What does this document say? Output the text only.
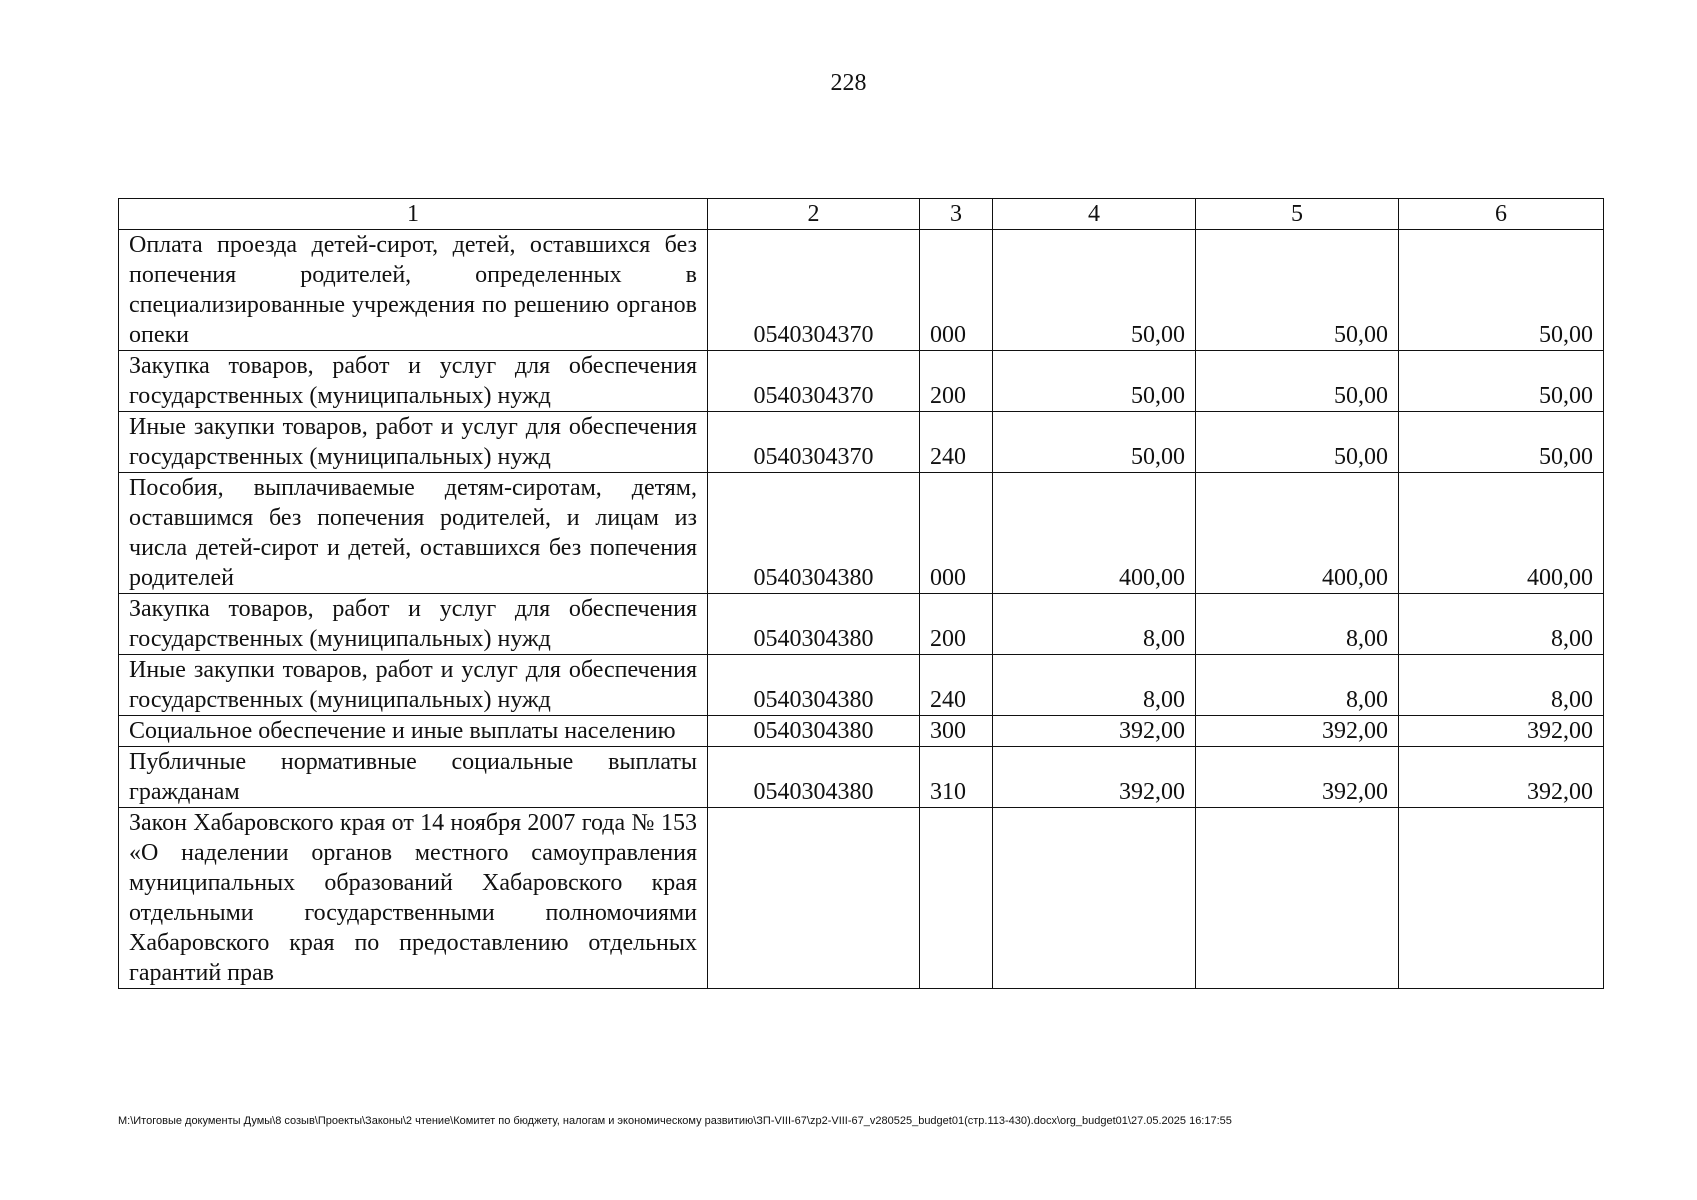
228
1	2	3	4	5	6
Оплата проезда детей-сирот, детей, оставшихся без попечения родителей, определенных в специализированные учреждения по решению органов опеки	0540304370	000	50,00	50,00	50,00
Закупка товаров, работ и услуг для обеспечения государственных (муниципальных) нужд	0540304370	200	50,00	50,00	50,00
Иные закупки товаров, работ и услуг для обеспечения государственных (муниципальных) нужд	0540304370	240	50,00	50,00	50,00
Пособия, выплачиваемые детям-сиротам, детям, оставшимся без попечения родителей, и лицам из числа детей-сирот и детей, оставшихся без попечения родителей	0540304380	000	400,00	400,00	400,00
Закупка товаров, работ и услуг для обеспечения государственных (муниципальных) нужд	0540304380	200	8,00	8,00	8,00
Иные закупки товаров, работ и услуг для обеспечения государственных (муниципальных) нужд	0540304380	240	8,00	8,00	8,00
Социальное обеспечение и иные выплаты населению	0540304380	300	392,00	392,00	392,00
Публичные нормативные социальные выплаты гражданам	0540304380	310	392,00	392,00	392,00
Закон Хабаровского края от 14 ноября 2007 года № 153 «О наделении органов местного самоуправления муниципальных образований Хабаровского края отдельными государственными полномочиями Хабаровского края по предоставлению отдельных гарантий прав					
M:\Итоговые документы Думы\8 созыв\Проекты\Законы\2 чтение\Комитет по бюджету, налогам и экономическому развитию\ЗП-VIII-67\zp2-VIII-67_v280525_budget01(стр.113-430).docx\org_budget01\27.05.2025 16:17:55
